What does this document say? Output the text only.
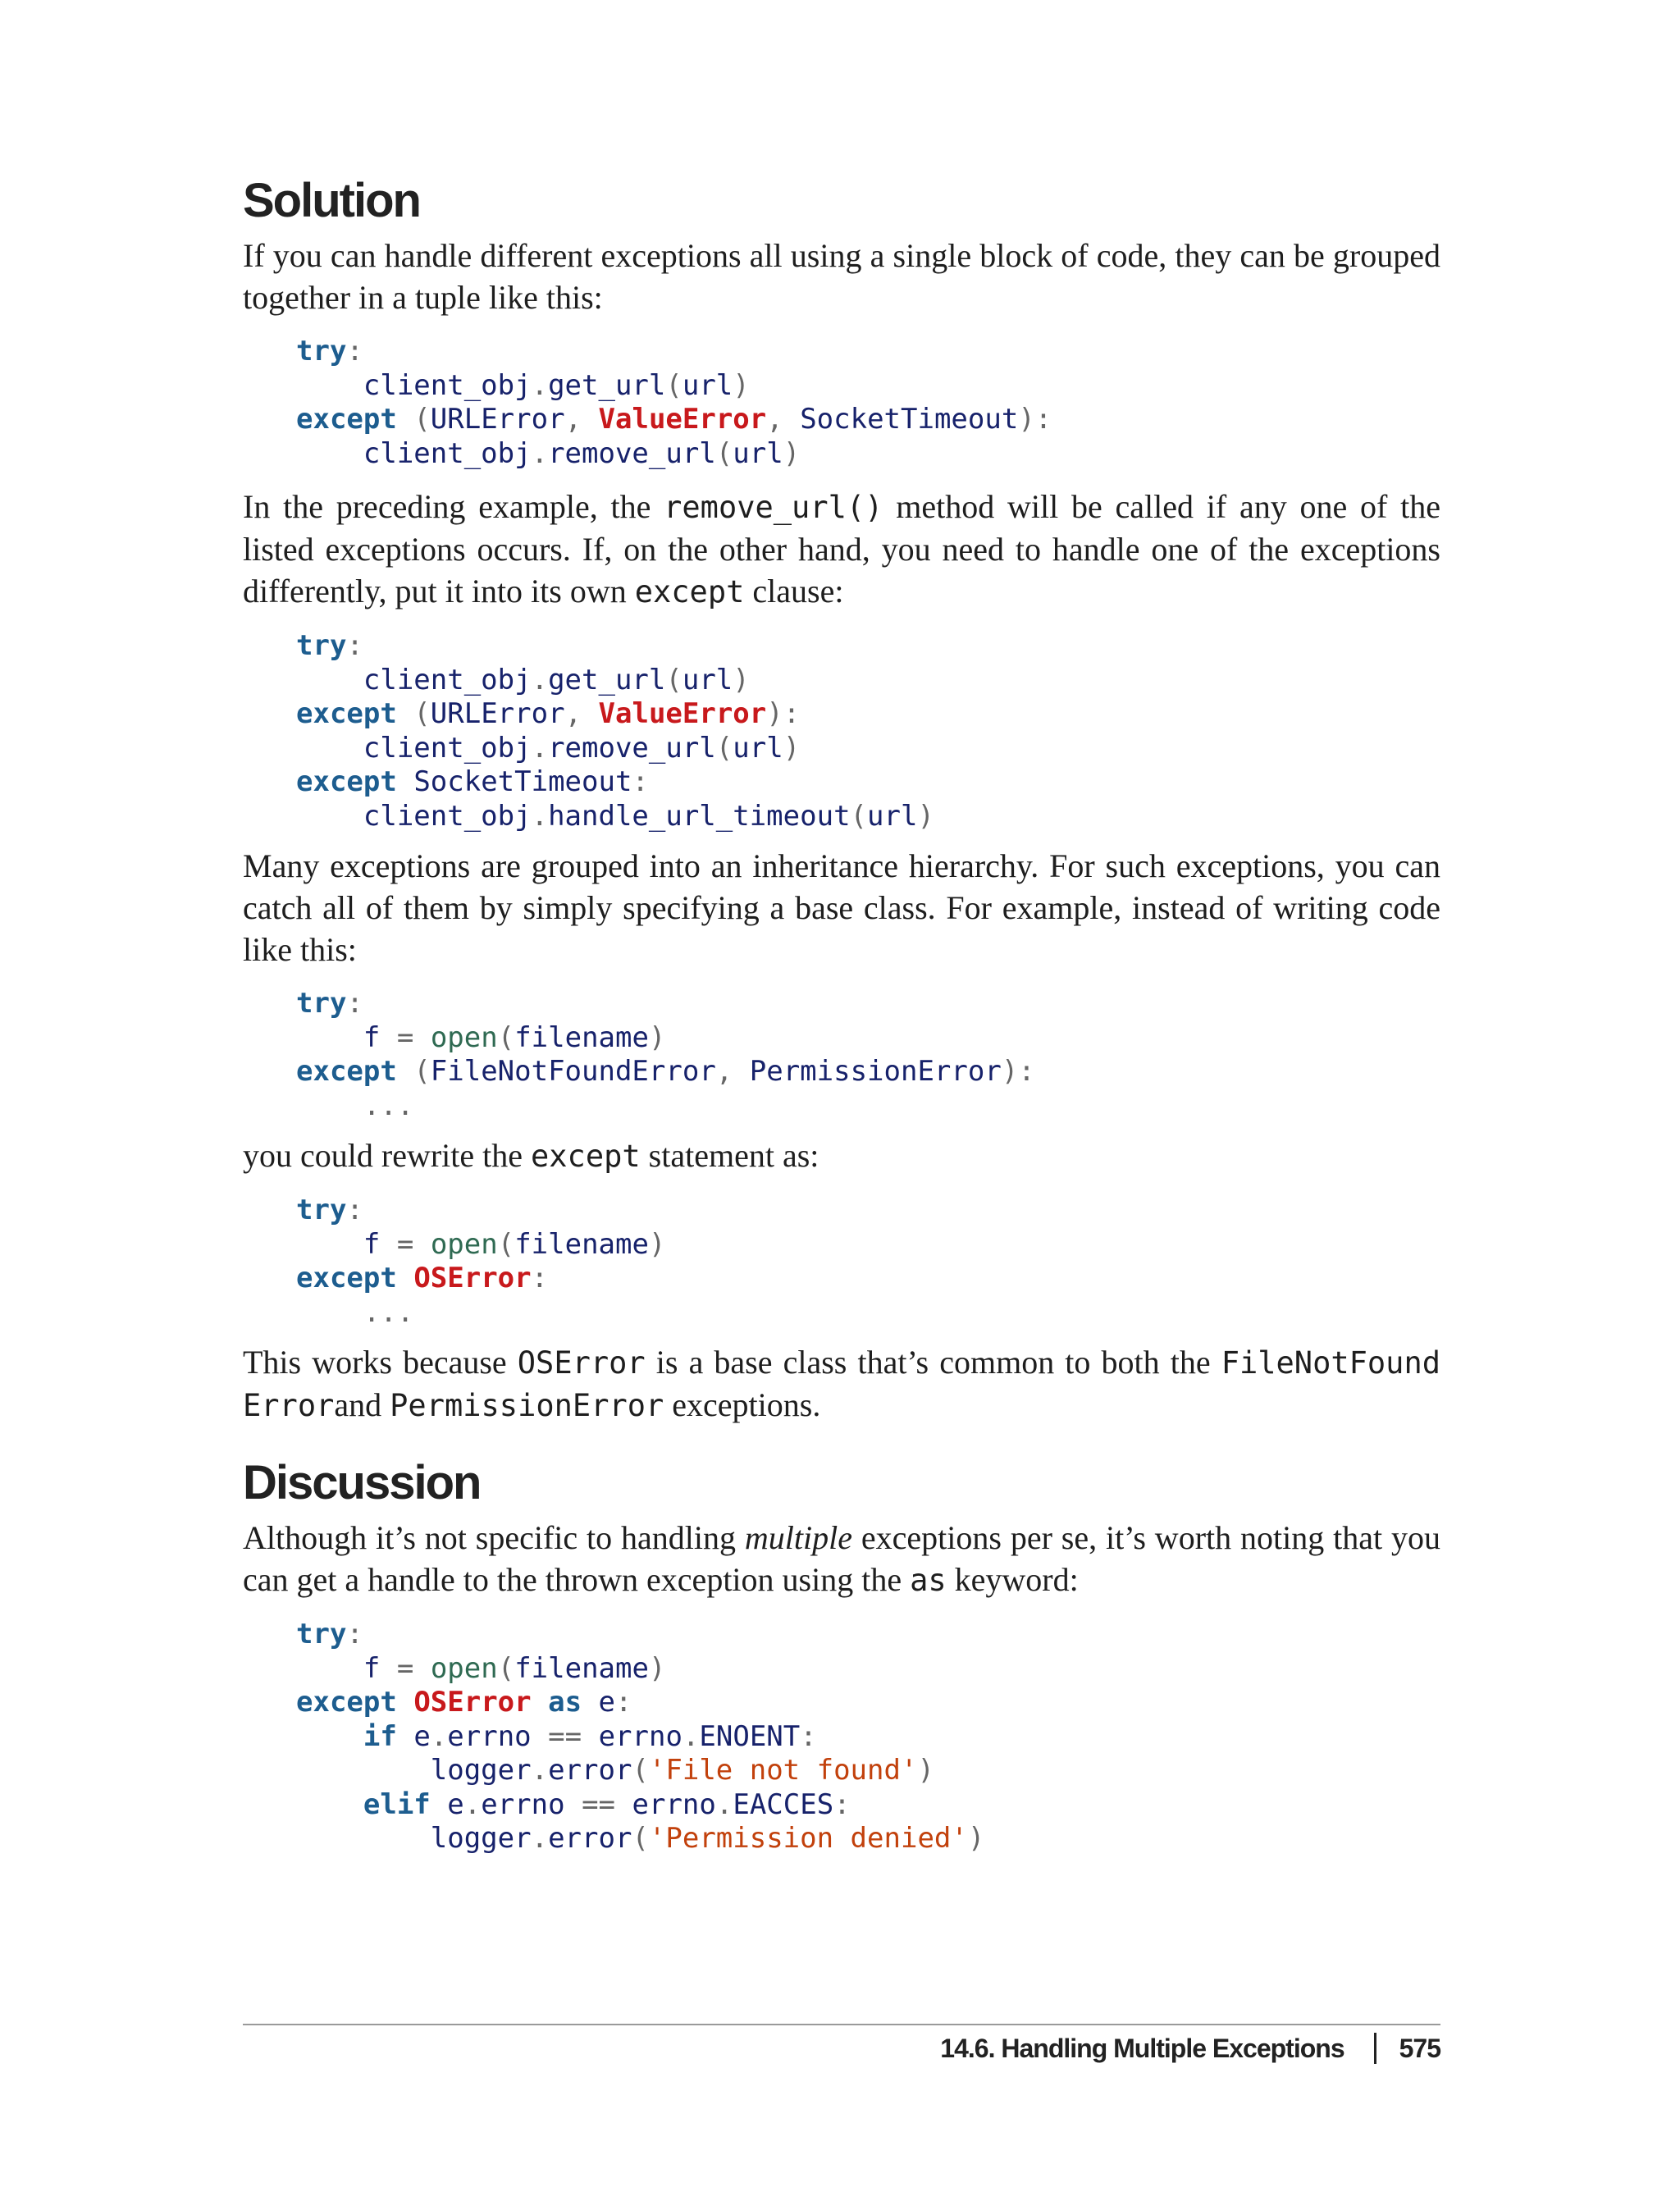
Solution

If you can handle different exceptions all using a single block of code, they can be grouped together in a tuple like this:

try:
client_obj.get_url(url)
except (URLError, ValueError, SocketTimeout):
client_obj.remove_url(url)

In the preceding example, the remove_url() method will be called if any one of the listed exceptions occurs. If, on the other hand, you need to handle one of the exceptions differently, put it into its own except clause:

try:
client_obj.get_url(url)
except (URLError, ValueError):
client_obj.remove_url(url)
except SocketTimeout:
client_obj.handle_url_timeout(url)

Many exceptions are grouped into an inheritance hierarchy. For such exceptions, you can catch all of them by simply specifying a base class. For example, instead of writing code like this:

try:
f = open(filename)
except (FileNotFoundError, PermissionError):
...

you could rewrite the except statement as:

try:
f = open(filename)
except OSError:
...

This works because OSError is a base class that’s common to both the FileNotFound Errorand PermissionError exceptions.

Discussion

Although it’s not specific to handling multiple exceptions per se, it’s worth noting that you can get a handle to the thrown exception using the as keyword:

try:
f = open(filename)
except OSError as e:
if e.errno == errno.ENOENT:
logger.error('File not found')
elif e.errno == errno.EACCES:
logger.error('Permission denied')
14.6. Handling Multiple Exceptions 575
